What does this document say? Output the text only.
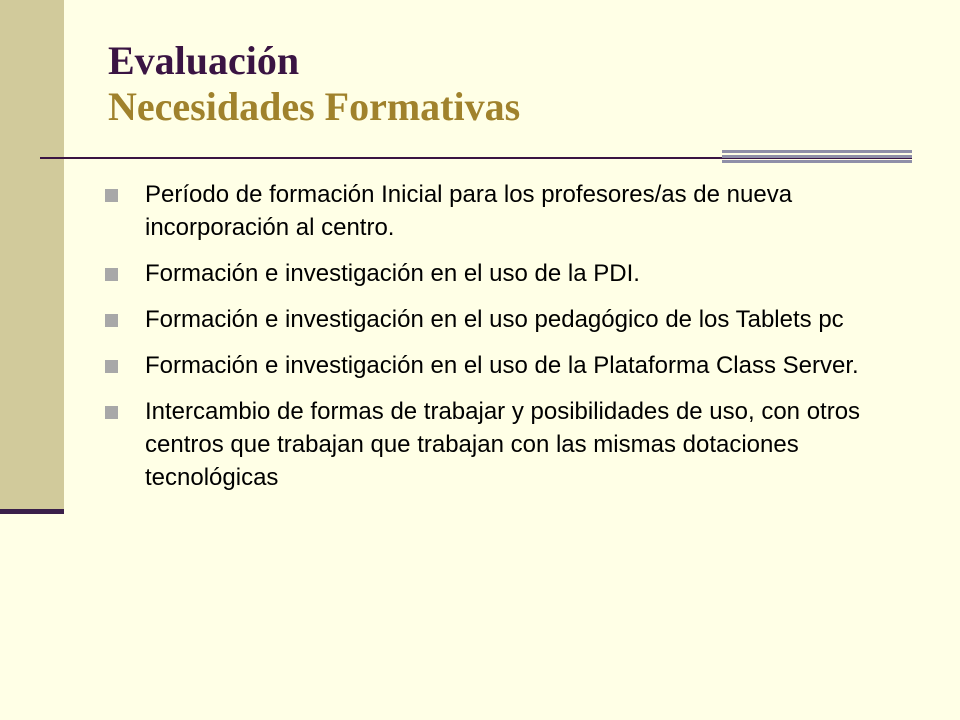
Evaluación
Necesidades Formativas
Período de formación Inicial para los profesores/as de nueva incorporación al centro.
Formación e investigación en el uso de la PDI.
Formación e investigación en el uso pedagógico de los Tablets pc
Formación e investigación en el uso de la Plataforma Class Server.
Intercambio de formas de trabajar y posibilidades de uso, con otros centros que trabajan que trabajan con las mismas dotaciones tecnológicas
